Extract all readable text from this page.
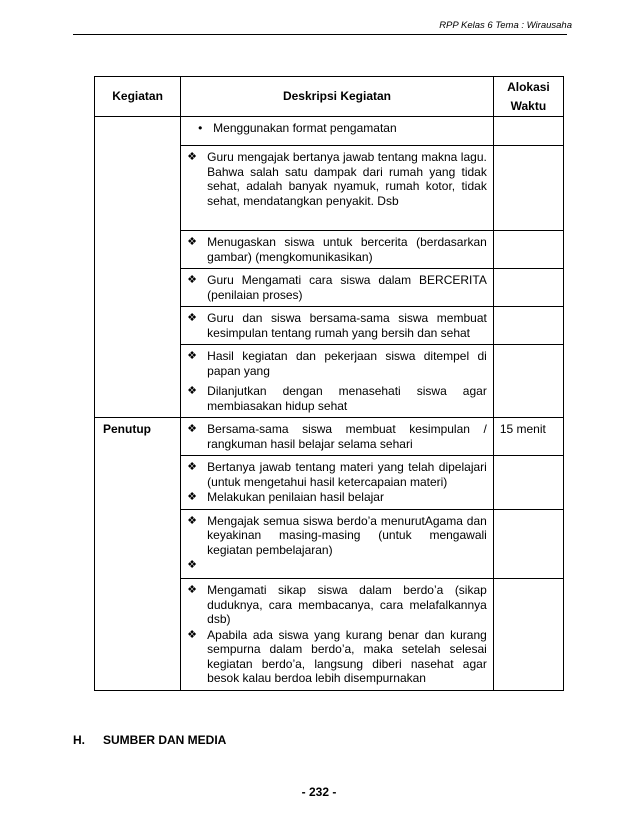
RPP Kelas 6 Tema : Wirausaha
Kegiatan	Deskripsi Kegiatan	Alokasi Waktu

	• Menggunakan format pengamatan	

	❖ Guru mengajak bertanya jawab tentang makna lagu. Bahwa salah satu dampak dari rumah yang tidak sehat, adalah banyak nyamuk, rumah kotor, tidak sehat, mendatangkan penyakit. Dsb	

	❖ Menugaskan siswa untuk bercerita (berdasarkan gambar) (mengkomunikasikan)	

	❖ Guru Mengamati cara siswa dalam BERCERITA (penilaian proses)	

	❖ Guru dan siswa bersama-sama siswa membuat kesimpulan tentang rumah yang bersih dan sehat	

	❖ Hasil kegiatan dan pekerjaan siswa ditempel di papan yang
❖ Dilanjutkan dengan menasehati siswa agar membiasakan hidup sehat	

Penutup	❖ Bersama-sama siswa membuat kesimpulan / rangkuman hasil belajar selama sehari	15 menit

	❖ Bertanya jawab tentang materi yang telah dipelajari (untuk mengetahui hasil ketercapaian materi)
❖ Melakukan penilaian hasil belajar	

	❖ Mengajak semua siswa berdo’a menurutAgama dan keyakinan masing-masing (untuk mengawali kegiatan pembelajaran)
❖	

	❖ Mengamati sikap siswa dalam berdo’a (sikap duduknya, cara membacanya, cara melafalkannya dsb)
❖ Apabila ada siswa yang kurang benar dan kurang sempurna dalam berdo’a, maka setelah selesai kegiatan berdo’a, langsung diberi nasehat agar besok kalau berdoa lebih disempurnakan	

H. SUMBER DAN MEDIA
- 232 -
